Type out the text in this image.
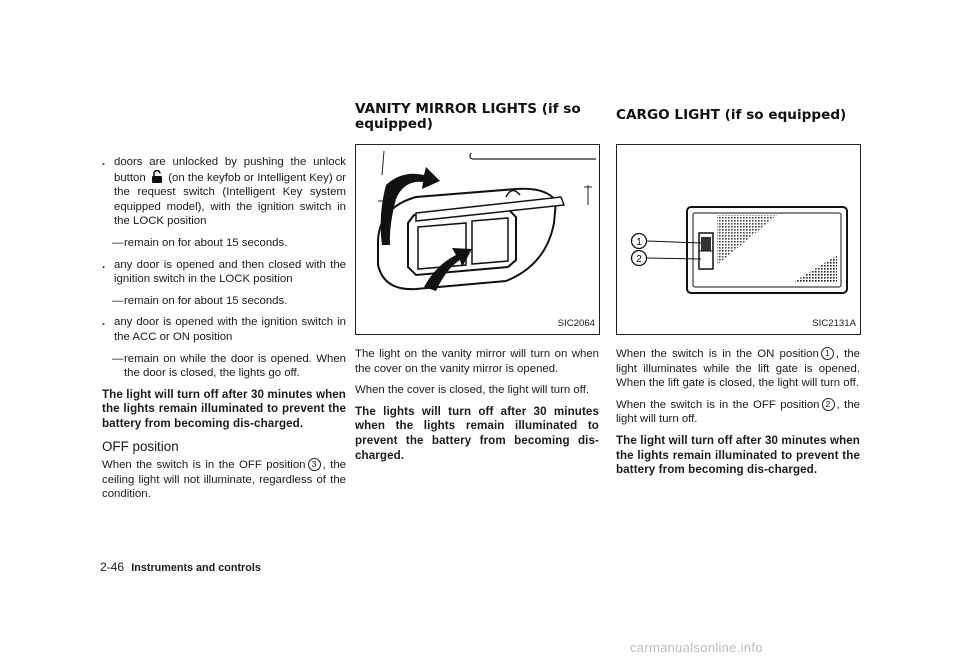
. doors are unlocked by pushing the unlock button (on the keyfob or Intelligent Key) or the request switch (Intelligent Key system equipped model), with the ignition switch in the LOCK position
— remain on for about 15 seconds.
. any door is opened and then closed with the ignition switch in the LOCK position
— remain on for about 15 seconds.
. any door is opened with the ignition switch in the ACC or ON position
— remain on while the door is opened. When the door is closed, the lights go off.

The light will turn off after 30 minutes when the lights remain illuminated to prevent the battery from becoming dis-charged.

OFF position

When the switch is in the OFF position 3 , the ceiling light will not illuminate, regardless of the condition.

VANITY MIRROR LIGHTS (if so equipped)
SIC2064

The light on the vanity mirror will turn on when the cover on the vanity mirror is opened.

When the cover is closed, the light will turn off.

The lights will turn off after 30 minutes when the lights remain illuminated to prevent the battery from becoming dis-charged.

CARGO LIGHT (if so equipped)
1
2
SIC2131A

When the switch is in the ON position 1 , the light illuminates while the lift gate is opened. When the lift gate is closed, the light will turn off.

When the switch is in the OFF position 2 , the light will turn off.

The light will turn off after 30 minutes when the lights remain illuminated to prevent the battery from becoming dis-charged.

2-46 Instruments and controls
carmanualsonline.info
